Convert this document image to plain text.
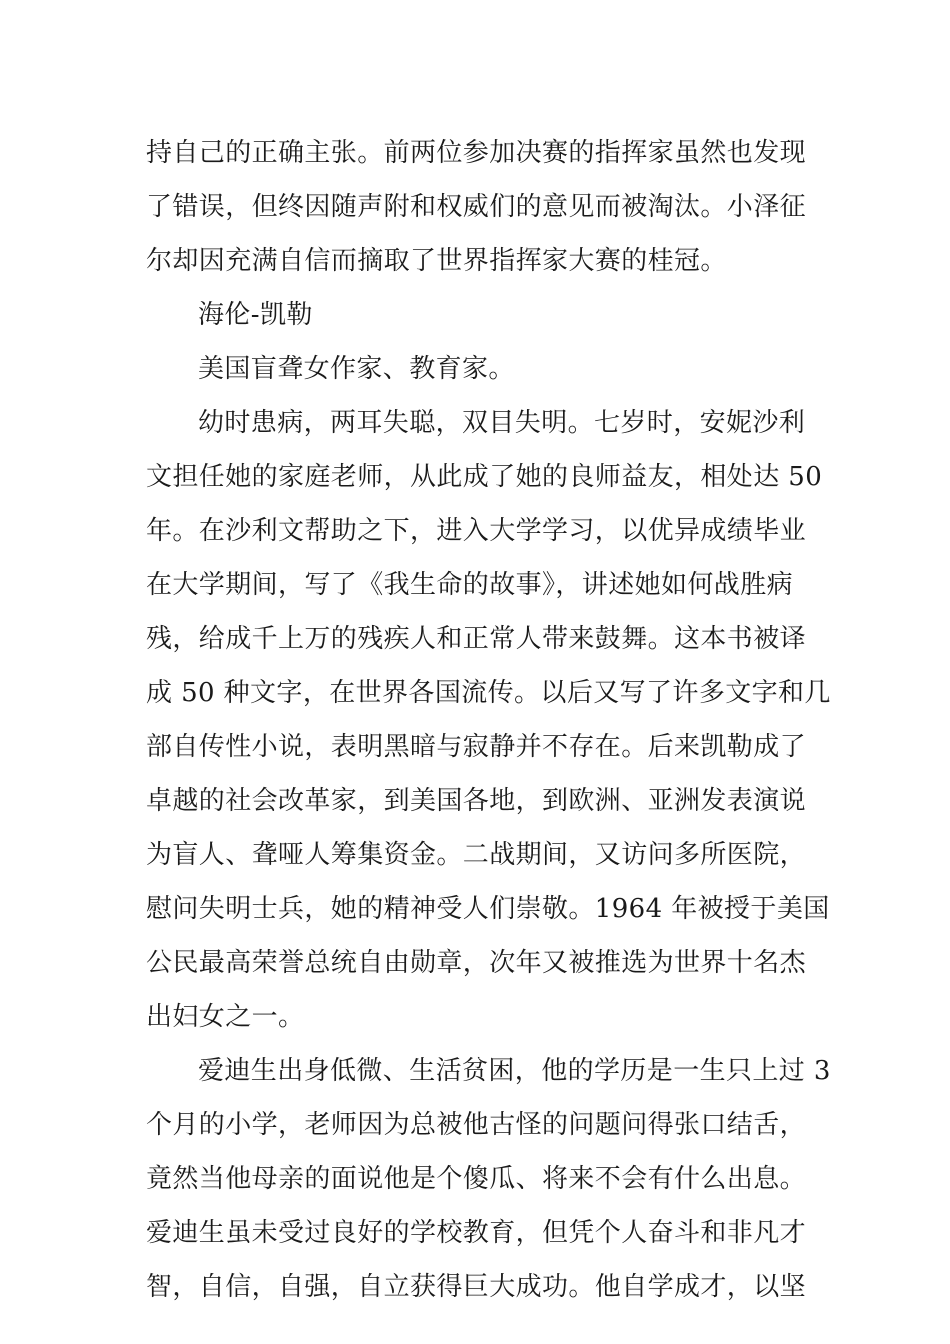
持自己的正确主张。前两位参加决赛的指挥家虽然也发现
了错误，但终因随声附和权威们的意见而被淘汰。小泽征
尔却因充满自信而摘取了世界指挥家大赛的桂冠。
海伦-凯勒
美国盲聋女作家、教育家。
幼时患病，两耳失聪，双目失明。七岁时，安妮沙利
文担任她的家庭老师，从此成了她的良师益友，相处达 50
年。在沙利文帮助之下，进入大学学习，以优异成绩毕业
在大学期间，写了《我生命的故事》，讲述她如何战胜病
残，给成千上万的残疾人和正常人带来鼓舞。这本书被译
成 50 种文字，在世界各国流传。以后又写了许多文字和几
部自传性小说，表明黑暗与寂静并不存在。后来凯勒成了
卓越的社会改革家，到美国各地，到欧洲、亚洲发表演说
为盲人、聋哑人筹集资金。二战期间，又访问多所医院，
慰问失明士兵，她的精神受人们崇敬。1964 年被授于美国
公民最高荣誉总统自由勋章，次年又被推选为世界十名杰
出妇女之一。
爱迪生出身低微、生活贫困，他的学历是一生只上过 3
个月的小学，老师因为总被他古怪的问题问得张口结舌，
竟然当他母亲的面说他是个傻瓜、将来不会有什么出息。
爱迪生虽未受过良好的学校教育，但凭个人奋斗和非凡才
智，自信，自强，自立获得巨大成功。他自学成才，以坚
